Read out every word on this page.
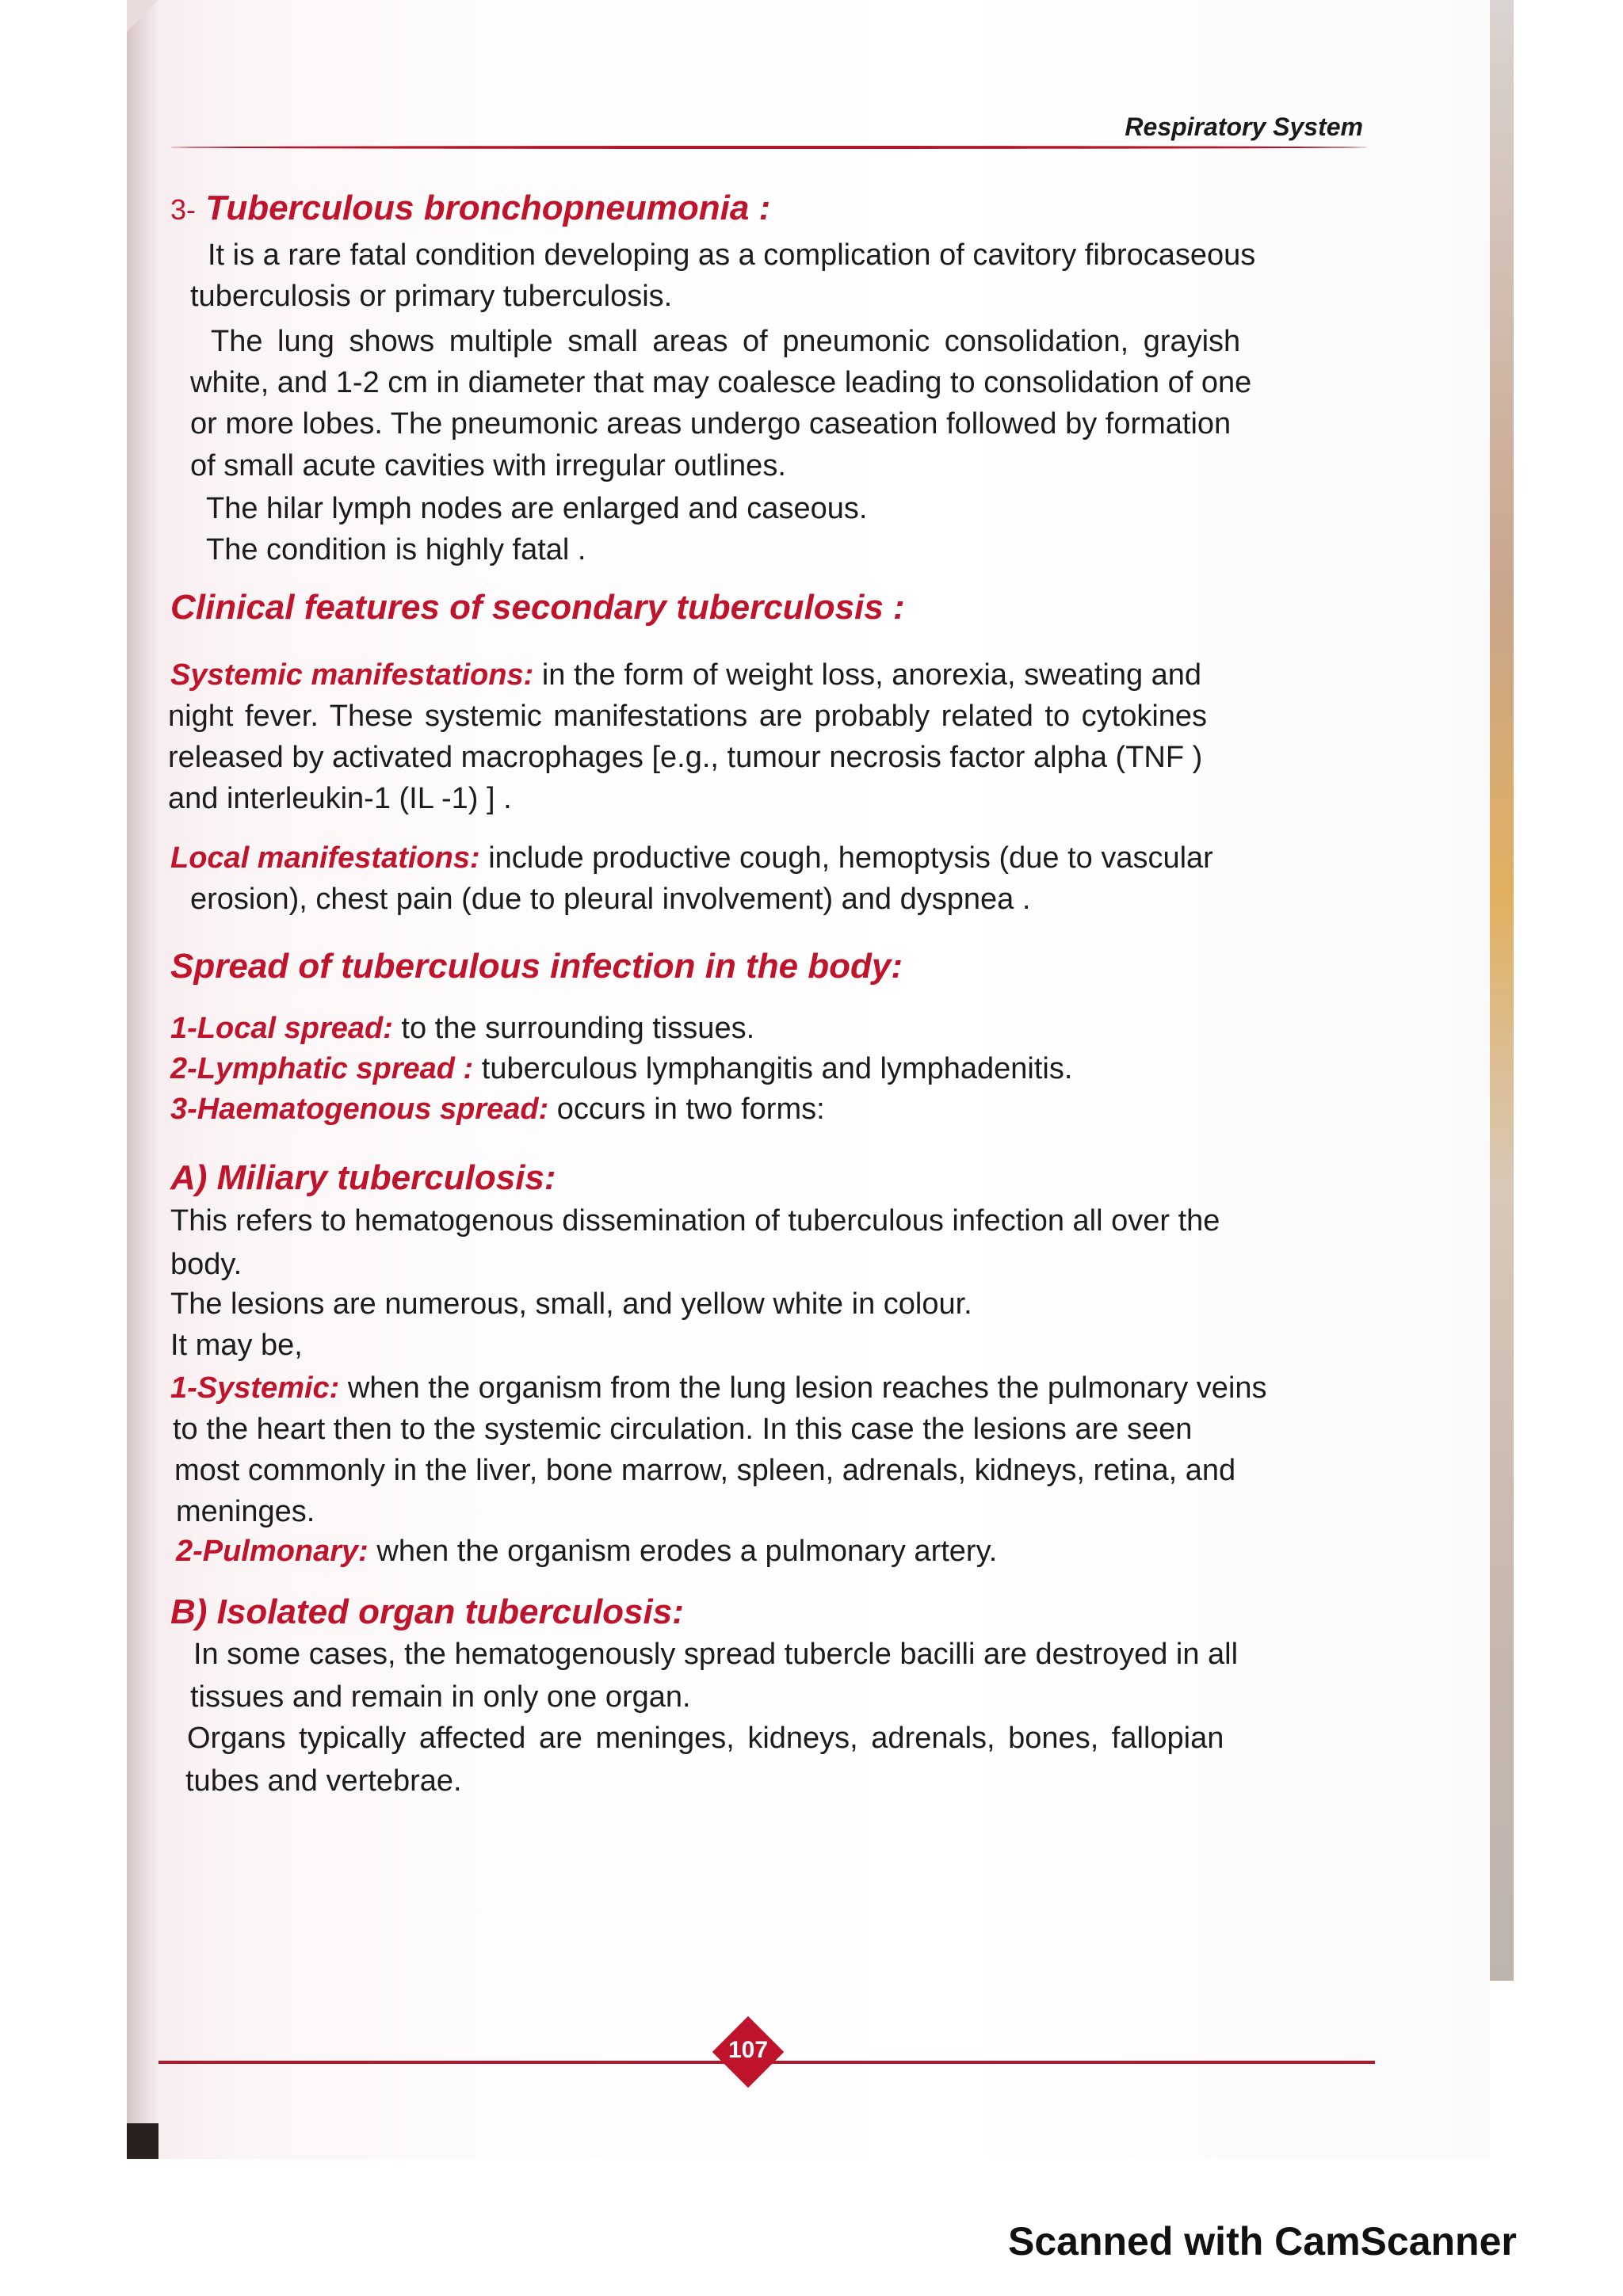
Respiratory System
3- Tuberculous bronchopneumonia :
It is a rare fatal condition developing as a complication of cavitory fibrocaseous
tuberculosis or primary tuberculosis.
The lung shows multiple small areas of pneumonic consolidation, grayish
white, and 1-2 cm in diameter that may coalesce leading to consolidation of one
or more lobes. The pneumonic areas undergo caseation followed by formation
of small acute cavities with irregular outlines.
The hilar lymph nodes are enlarged and caseous.
The condition is highly fatal .
Clinical features of secondary tuberculosis :
Systemic manifestations: in the form of weight loss, anorexia, sweating and
night fever. These systemic manifestations are probably related to cytokines
released by activated macrophages [e.g., tumour necrosis factor alpha (TNF )
and interleukin-1 (IL -1) ] .
Local manifestations: include productive cough, hemoptysis (due to vascular
erosion), chest pain (due to pleural involvement) and dyspnea .
Spread of tuberculous infection in the body:
1-Local spread: to the surrounding tissues.
2-Lymphatic spread : tuberculous lymphangitis and lymphadenitis.
3-Haematogenous spread: occurs in two forms:
A) Miliary tuberculosis:
This refers to hematogenous dissemination of tuberculous infection all over the
body.
The lesions are numerous, small, and yellow white in colour.
It may be,
1-Systemic: when the organism from the lung lesion reaches the pulmonary veins
to the heart then to the systemic circulation. In this case the lesions are seen
most commonly in the liver, bone marrow, spleen, adrenals, kidneys, retina, and
meninges.
2-Pulmonary: when the organism erodes a pulmonary artery.
B) Isolated organ tuberculosis:
In some cases, the hematogenously spread tubercle bacilli are destroyed in all
tissues and remain in only one organ.
Organs typically affected are meninges, kidneys, adrenals, bones, fallopian
tubes and vertebrae.
107
Scanned with CamScanner
